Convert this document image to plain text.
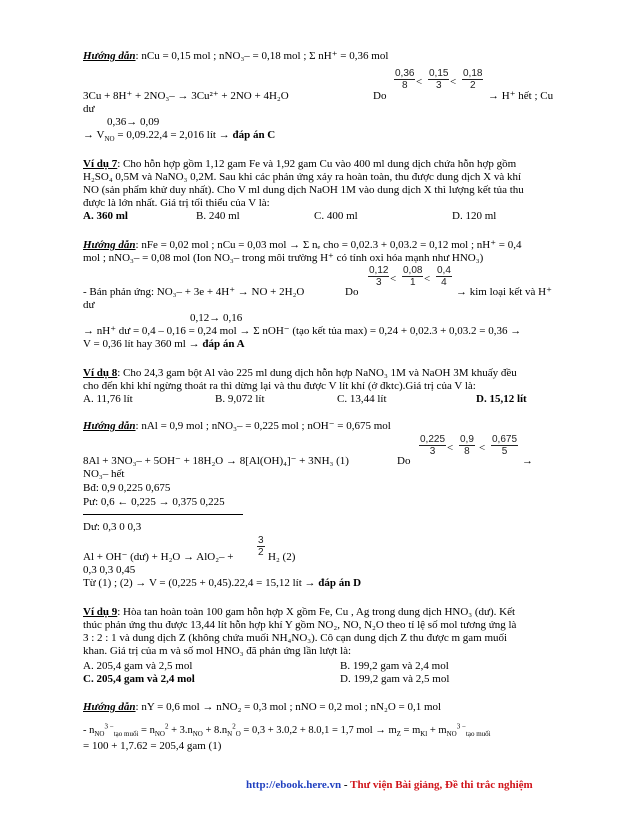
Hướng dẫn: nCu = 0,15 mol ; nNO₃– = 0,18 mol ; Σ nH⁺ = 0,36 mol
3Cu + 8H⁺ + 2NO₃– → 3Cu²⁺ + 2NO + 4H₂O	Do
$\frac{0,36}{8} < \frac{0,15}{3} < \frac{0,18}{2}$
→ H⁺ hết ; Cu
dư
0,36→ 0,09
→ $V_{NO} = 0,09.22,4 = 2,016$ lít → đáp án C
Ví dụ 7: Cho hỗn hợp gồm 1,12 gam Fe và 1,92 gam Cu vào 400 ml dung dịch chứa hỗn hợp gồm
H₂SO₄ 0,5M và NaNO₃ 0,2M. Sau khi các phản ứng xảy ra hoàn toàn, thu được dung dịch X và khí
NO (sản phẩm khử duy nhất). Cho V ml dung dịch NaOH 1M vào dung dịch X thì lượng kết tủa thu
được là lớn nhất. Giá trị tối thiểu của V là:
A. 360 ml	B. 240 ml	C. 400 ml	D. 120 ml
Hướng dẫn: nFe = 0,02 mol ; nCu = 0,03 mol → Σ nₑ cho = 0,02.3 + 0,03.2 = 0,12 mol ; nH⁺ = 0,4
mol ; nNO₃– = 0,08 mol (Ion NO₃– trong môi trường H⁺ có tính oxi hóa mạnh như HNO₃)
- Bán phản ứng: NO₃– + 3e + 4H⁺ → NO + 2H₂O	Do
$\frac{0,12}{3} < \frac{0,08}{1} < \frac{0,4}{4}$
→ kim loại kết và H⁺
dư
0,12→ 0,16
→ nH⁺ dư = 0,4 – 0,16 = 0,24 mol → Σ nOH⁻ (tạo kết tủa max) = 0,24 + 0,02.3 + 0,03.2 = 0,36 →
V = 0,36 lít hay 360 ml → đáp án A
Ví dụ 8: Cho 24,3 gam bột Al vào 225 ml dung dịch hỗn hợp NaNO₃ 1M và NaOH 3M khuấy đều
cho đến khi khí ngừng thoát ra thì dừng lại và thu được V lít khí (ở đktc).Giá trị của V là:
A. 11,76 lít	B. 9,072 lít	C. 13,44 lít	D. 15,12 lít
Hướng dẫn: nAl = 0,9 mol ; nNO₃– = 0,225 mol ; nOH⁻ = 0,675 mol
8Al + 3NO₃– + 5OH⁻ + 18H₂O → 8[Al(OH)₄]⁻ + 3NH₃ (1)	Do
$\frac{0,225}{3} < \frac{0,9}{8} < \frac{0,675}{5}$
→
NO₃– hết
Bđ: 0,9 0,225 0,675
Pư: 0,6 ← 0,225 → 0,375 0,225
Dư: 0,3 0 0,3
Al + OH⁻ (dư) + $H_2O \to AlO_2- + \frac{3}{2} H_2$ (2)
0,3 0,3 0,45
Từ (1) ; (2) → V = (0,225 + 0,45).22,4 = 15,12 lít → đáp án D
Ví dụ 9: Hòa tan hoàn toàn 100 gam hỗn hợp X gồm Fe, Cu , Ag trong dung dịch HNO₃ (dư). Kết
thúc phản ứng thu được 13,44 lít hỗn hợp khí Y gồm NO₂, NO, N₂O theo tỉ lệ số mol tương ứng là
3 : 2 : 1 và dung dịch Z (không chứa muối NH₄NO₃). Cô cạn dung dịch Z thu được m gam muối
khan. Giá trị của m và số mol HNO₃ đã phản ứng lần lượt là:
A. 205,4 gam và 2,5 mol	B. 199,2 gam và 2,4 mol
C. 205,4 gam và 2,4 mol	D. 199,2 gam và 2,5 mol
Hướng dẫn: nY = 0,6 mol → nNO₂ = 0,3 mol ; nNO = 0,2 mol ; nN₂O = 0,1 mol
- $n_{NO}^{3 -}_{tạo muối} = n_{NO}^2 + 3.n_{NO} + 8.n_N^2_O = 0,3 + 3.0,2 + 8.0,1 = 1,7$ mol → $m_Z = m_{Kl} + m_{NO}^{3 -}_{tạo muối}$
= 100 + 1,7.62 = 205,4 gam (1)
http://ebook.here.vn - Thư viện Bài giảng, Đề thi trắc nghiệm
